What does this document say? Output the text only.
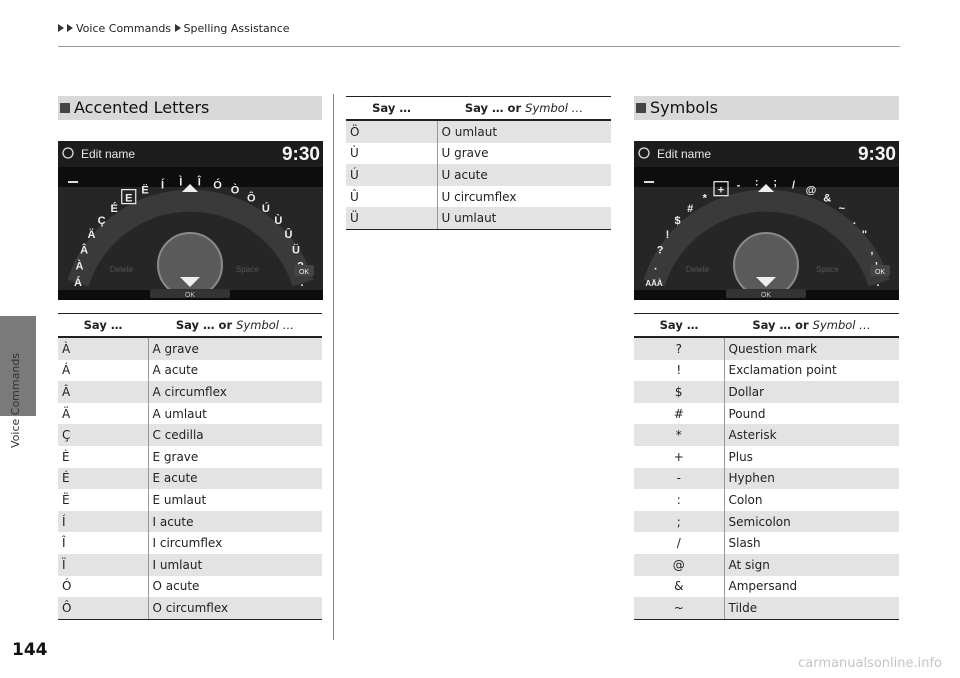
Voice Commands Spelling Assistance
Voice Commands
144
Accented Letters
Edit name	9:30
Á
À
Â
Ä
Ç
É
E
Ë Í Ì Î Ó Ò
Ô
Ú
Ù
Û
Ü
.
Delete	Space	OK
OK
Say …	Say … or Symbol …
À	A grave
Á	A acute
Â	A circumflex
Ä	A umlaut
Ç	C cedilla
È	E grave
É	E acute
Ë	E umlaut
Í	I acute
Î	I circumflex
Ï	I umlaut
Ó	O acute
Ô	O circumflex
Say …	Say … or Symbol …
Ö	O umlaut
Ù	U grave
Ú	U acute
Û	U circumflex
Ü	U umlaut
Symbols
Edit name	9:30
AÄÀ
.
?
!
$
#
*
+ - : ; / @
&
~
.
"
,
.
Delete	Space	OK
OK
Say …	Say … or Symbol …
?	Question mark
!	Exclamation point
$	Dollar
#	Pound
*	Asterisk
+	Plus
-	Hyphen
:	Colon
;	Semicolon
/	Slash
@	At sign
&	Ampersand
~	Tilde
carmanualsonline.info
